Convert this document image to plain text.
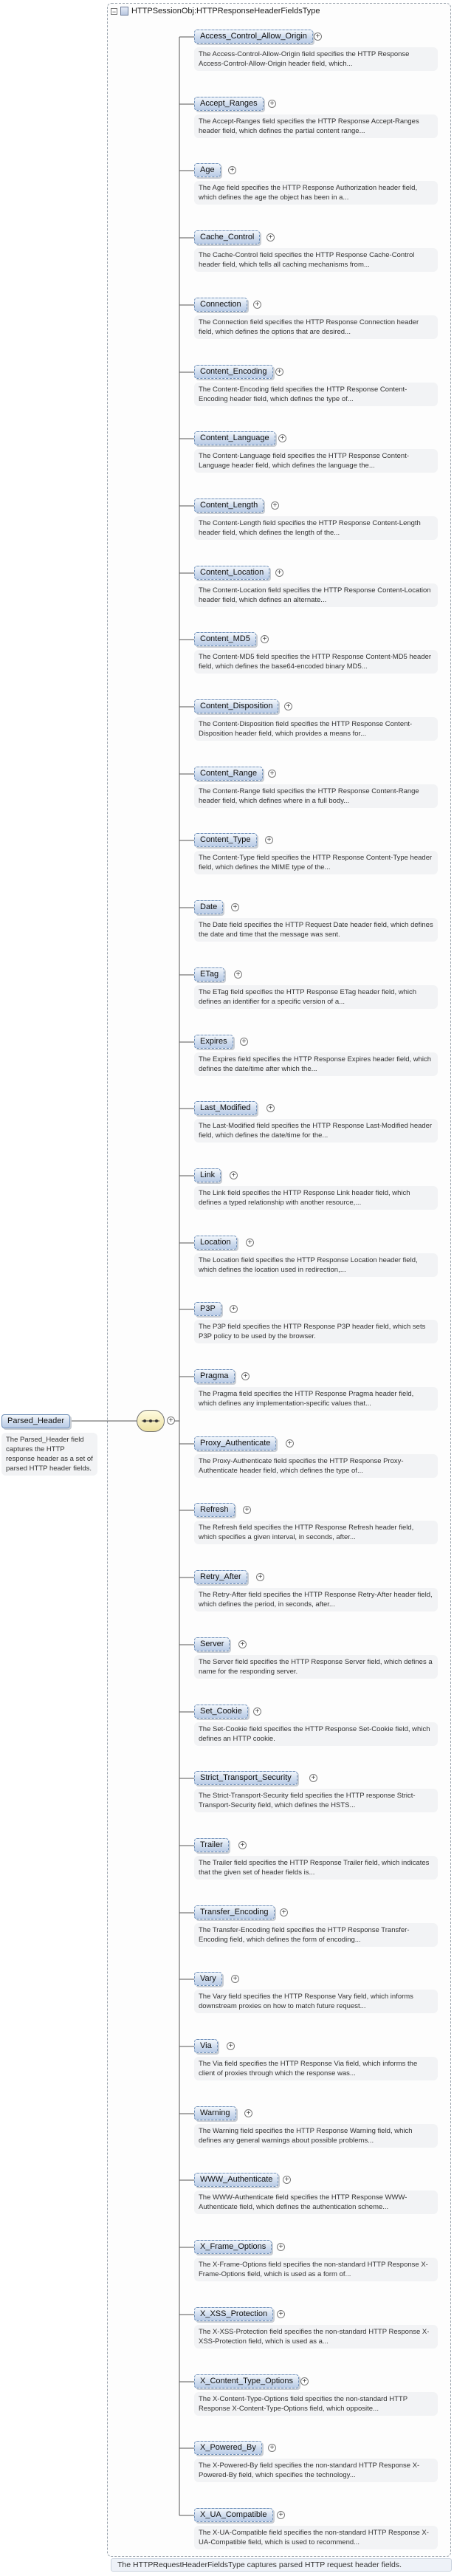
− HTTPSessionObj:HTTPResponseHeaderFieldsType
Parsed_Header
The Parsed_Header field captures the HTTP response header as a set of parsed HTTP header fields.
+
Access_Control_Allow_Origin	+
The Access-Control-Allow-Origin field specifies the HTTP Response Access-Control-Allow-Origin header field, which...
Accept_Ranges	+
The Accept-Ranges field specifies the HTTP Response Accept-Ranges header field, which defines the partial content range...
Age	+
The Age field specifies the HTTP Response Authorization header field, which defines the age the object has been in a...
Cache_Control	+
The Cache-Control field specifies the HTTP Response Cache-Control header field, which tells all caching mechanisms from...
Connection	+
The Connection field specifies the HTTP Response Connection header field, which defines the options that are desired...
Content_Encoding	+
The Content-Encoding field specifies the HTTP Response Content-Encoding header field, which defines the type of...
Content_Language	+
The Content-Language field specifies the HTTP Response Content-Language header field, which defines the language the...
Content_Length	+
The Content-Length field specifies the HTTP Response Content-Length header field, which defines the length of the...
Content_Location	+
The Content-Location field specifies the HTTP Response Content-Location header field, which defines an alternate...
Content_MD5	+
The Content-MD5 field specifies the HTTP Response Content-MD5 header field, which defines the base64-encoded binary MD5...
Content_Disposition	+
The Content-Disposition field specifies the HTTP Response Content-Disposition header field, which provides a means for...
Content_Range	+
The Content-Range field specifies the HTTP Response Content-Range header field, which defines where in a full body...
Content_Type	+
The Content-Type field specifies the HTTP Response Content-Type header field, which defines the MIME type of the...
Date	+
The Date field specifies the HTTP Request Date header field, which defines the date and time that the message was sent.
ETag	+
The ETag field specifies the HTTP Response ETag header field, which defines an identifier for a specific version of a...
Expires	+
The Expires field specifies the HTTP Response Expires header field, which defines the date/time after which the...
Last_Modified	+
The Last-Modified field specifies the HTTP Response Last-Modified header field, which defines the date/time for the...
Link	+
The Link field specifies the HTTP Response Link header field, which defines a typed relationship with another resource,...
Location	+
The Location field specifies the HTTP Response Location header field, which defines the location used in redirection,...
P3P	+
The P3P field specifies the HTTP Response P3P header field, which sets P3P policy to be used by the browser.
Pragma	+
The Pragma field specifies the HTTP Response Pragma header field, which defines any implementation-specific values that...
Proxy_Authenticate	+
The Proxy-Authenticate field specifies the HTTP Response Proxy-Authenticate header field, which defines the type of...
Refresh	+
The Refresh field specifies the HTTP Response Refresh header field, which specifies a given interval, in seconds, after...
Retry_After	+
The Retry-After field specifies the HTTP Response Retry-After header field, which defines the period, in seconds, after...
Server	+
The Server field specifies the HTTP Response Server field, which defines a name for the responding server.
Set_Cookie	+
The Set-Cookie field specifies the HTTP Response Set-Cookie field, which defines an HTTP cookie.
Strict_Transport_Security	+
The Strict-Transport-Security field specifies the HTTP response Strict-Transport-Security field, which defines the HSTS...
Trailer	+
The Trailer field specifies the HTTP Response Trailer field, which indicates that the given set of header fields is...
Transfer_Encoding	+
The Transfer-Encoding field specifies the HTTP Response Transfer-Encoding field, which defines the form of encoding...
Vary	+
The Vary field specifies the HTTP Response Vary field, which informs downstream proxies on how to match future request...
Via	+
The Via field specifies the HTTP Response Via field, which informs the client of proxies through which the response was...
Warning	+
The Warning field specifies the HTTP Response Warning field, which defines any general warnings about possible problems...
WWW_Authenticate	+
The WWW-Authenticate field specifies the HTTP Response WWW-Authenticate field, which defines the authentication scheme...
X_Frame_Options	+
The X-Frame-Options field specifies the non-standard HTTP Response X-Frame-Options field, which is used as a form of...
X_XSS_Protection	+
The X-XSS-Protection field specifies the non-standard HTTP Response X-XSS-Protection field, which is used as a...
X_Content_Type_Options	+
The X-Content-Type-Options field specifies the non-standard HTTP Response X-Content-Type-Options field, which opposite...
X_Powered_By	+
The X-Powered-By field specifies the non-standard HTTP Response X-Powered-By field, which specifies the technology...
X_UA_Compatible	+
The X-UA-Compatible field specifies the non-standard HTTP Response X-UA-Compatible field, which is used to recommend...
The HTTPRequestHeaderFieldsType captures parsed HTTP request header fields.
